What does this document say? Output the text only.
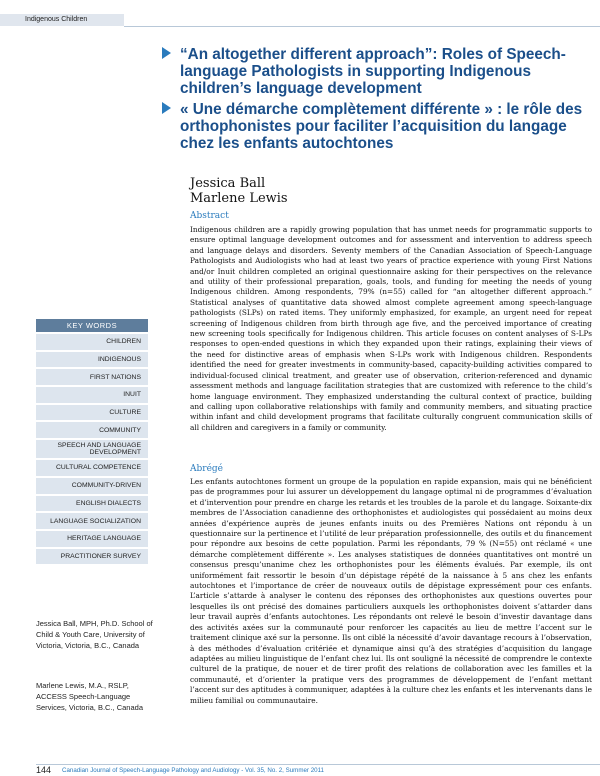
Indigenous Children
“An altogether different approach”: Roles of Speech-language Pathologists in supporting Indigenous children’s language development
« Une démarche complètement différente » : le rôle des orthophonistes pour faciliter l’acquisition du langage chez les enfants autochtones
Jessica Ball
Marlene Lewis
Abstract

Indigenous children are a rapidly growing population that has unmet needs for programmatic supports to ensure optimal language development outcomes and for assessment and intervention to address speech and language delays and disorders. Seventy members of the Canadian Association of Speech-Language Pathologists and Audiologists who had at least two years of practice experience with young First Nations and/or Inuit children completed an original questionnaire asking for their perspectives on the relevance and utility of their professional preparation, goals, tools, and funding for meeting the needs of young Indigenous children. Among respondents, 79% (n=55) called for “an altogether different approach.” Statistical analyses of quantitative data showed almost complete agreement among speech-language pathologists (SLPs) on rated items. They uniformly emphasized, for example, an urgent need for repeat screening of Indigenous children from birth through age five, and the perceived importance of creating new screening tools specifically for Indigenous children. This article focuses on content analyses of S-LPs responses to open-ended questions in which they expanded upon their ratings, explaining their views of the need for distinctive areas of emphasis when S-LPs work with Indigenous children. Respondents identified the need for greater investments in community-based, capacity-building activities compared to individual-focused clinical treatment, and greater use of observation, criterion-referenced and dynamic assessment methods and language facilitation strategies that are customized with reference to the child’s home language environment. They emphasized understanding the cultural context of practice, building and calling upon collaborative relationships with family and community members, and situating practice within infant and child development programs that facilitate culturally congruent communication skills of all children and caregivers in a family or community.

Abrégé

Les enfants autochtones forment un groupe de la population en rapide expansion, mais qui ne bénéficient pas de programmes pour lui assurer un développement du langage optimal ni de programmes d’évaluation et d’intervention pour prendre en charge les retards et les troubles de la parole et du langage. Soixante-dix membres de l’Association canadienne des orthophonistes et audiologistes qui possédaient au moins deux années d’expérience auprès de jeunes enfants inuits ou des Premières Nations ont répondu à un questionnaire sur la pertinence et l’utilité de leur préparation professionnelle, des outils et du financement pour répondre aux besoins de cette population. Parmi les répondants, 79 % (N=55) ont réclamé « une démarche complètement différente ». Les analyses statistiques de données quantitatives ont montré un consensus presqu’unanime chez les orthophonistes pour les éléments évalués. Par exemple, ils ont uniformément fait ressortir le besoin d’un dépistage répété de la naissance à 5 ans chez les enfants autochtones et l’importance de créer de nouveaux outils de dépistage expressément pour ces enfants. L’article s’attarde à analyser le contenu des réponses des orthophonistes aux questions ouvertes pour lesquelles ils ont précisé des domaines particuliers auxquels les orthophonistes doivent s’attarder dans leur travail auprès d’enfants autochtones. Les répondants ont relevé le besoin d’investir davantage dans des activités axées sur la communauté pour renforcer les capacités au lieu de mettre l’accent sur le traitement clinique axé sur la personne. Ils ont ciblé la nécessité d’avoir davantage recours à l’observation, à des méthodes d’évaluation critériée et dynamique ainsi qu’à des stratégies d’acquisition du langage adaptées au milieu linguistique de l’enfant chez lui. Ils ont souligné la nécessité de comprendre le contexte culturel de la pratique, de nouer et de tirer profit des relations de collaboration avec les familles et la communauté, et d’orienter la pratique vers des programmes de développement de l’enfant mettant l’accent sur des aptitudes à communiquer, adaptées à la culture chez les enfants et les intervenants dans le milieu familial ou communautaire.

KEY WORDS
CHILDREN
INDIGENOUS
FIRST NATIONS
INUIT
CULTURE
COMMUNITY
SPEECH AND LANGUAGE DEVELOPMENT
CULTURAL COMPETENCE
COMMUNITY-DRIVEN
ENGLISH DIALECTS
LANGUAGE SOCIALIZATION
HERITAGE LANGUAGE
PRACTITIONER SURVEY

Jessica Ball, MPH, Ph.D. School of Child & Youth Care, University of Victoria, Victoria, B.C., Canada

Marlene Lewis, M.A., RSLP, ACCESS Speech-Language Services, Victoria, B.C., Canada

144 Canadian Journal of Speech-Language Pathology and Audiology - Vol. 35, No. 2, Summer 2011
